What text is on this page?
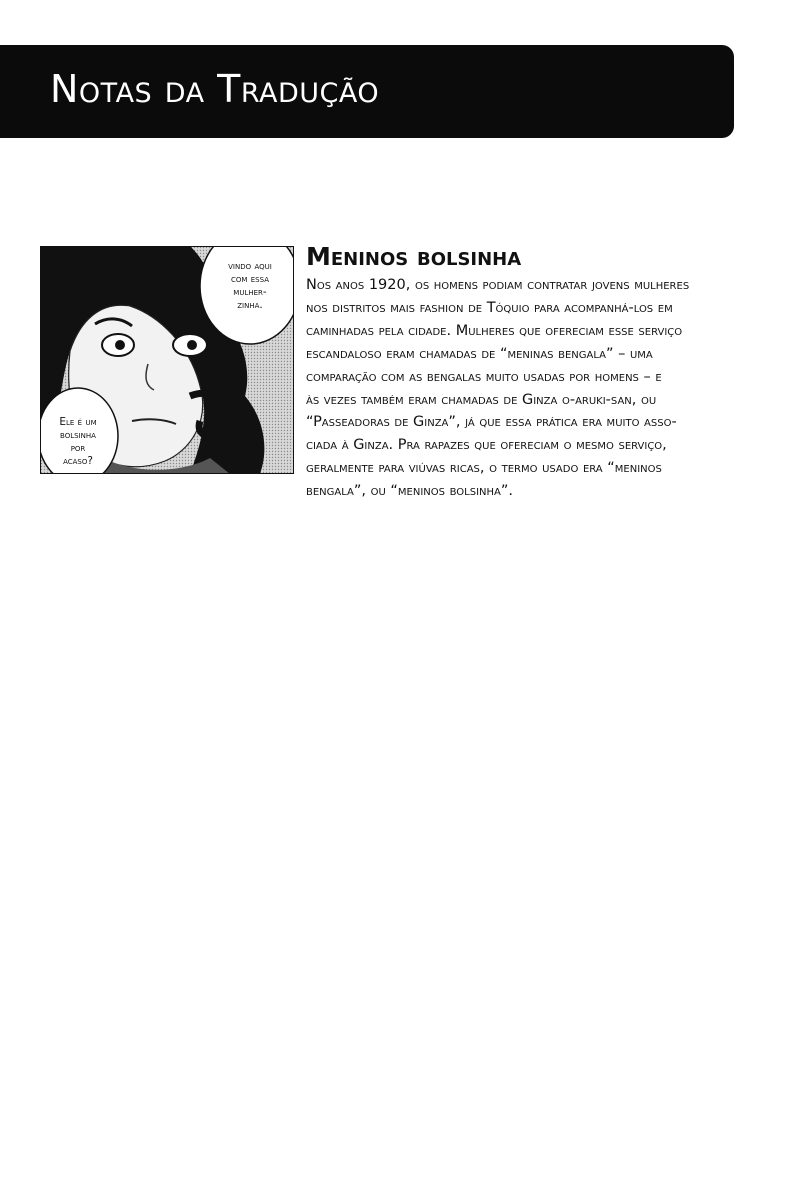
Notas da Tradução
vindo aqui
com essa
mulher-
zinha.
Ele é um
bolsinha
por
acaso?
Meninos bolsinha

Nos anos 1920, os homens podiam contratar jovens mulheres
nos distritos mais fashion de Tóquio para acompanhá-los em
caminhadas pela cidade. Mulheres que ofereciam esse serviço
escandaloso eram chamadas de “meninas bengala” – uma
comparação com as bengalas muito usadas por homens – e
às vezes também eram chamadas de Ginza o-aruki-san, ou
“Passeadoras de Ginza”, já que essa prática era muito asso-
ciada à Ginza. Pra rapazes que ofereciam o mesmo serviço,
geralmente para viúvas ricas, o termo usado era “meninos
bengala”, ou “meninos bolsinha”.
